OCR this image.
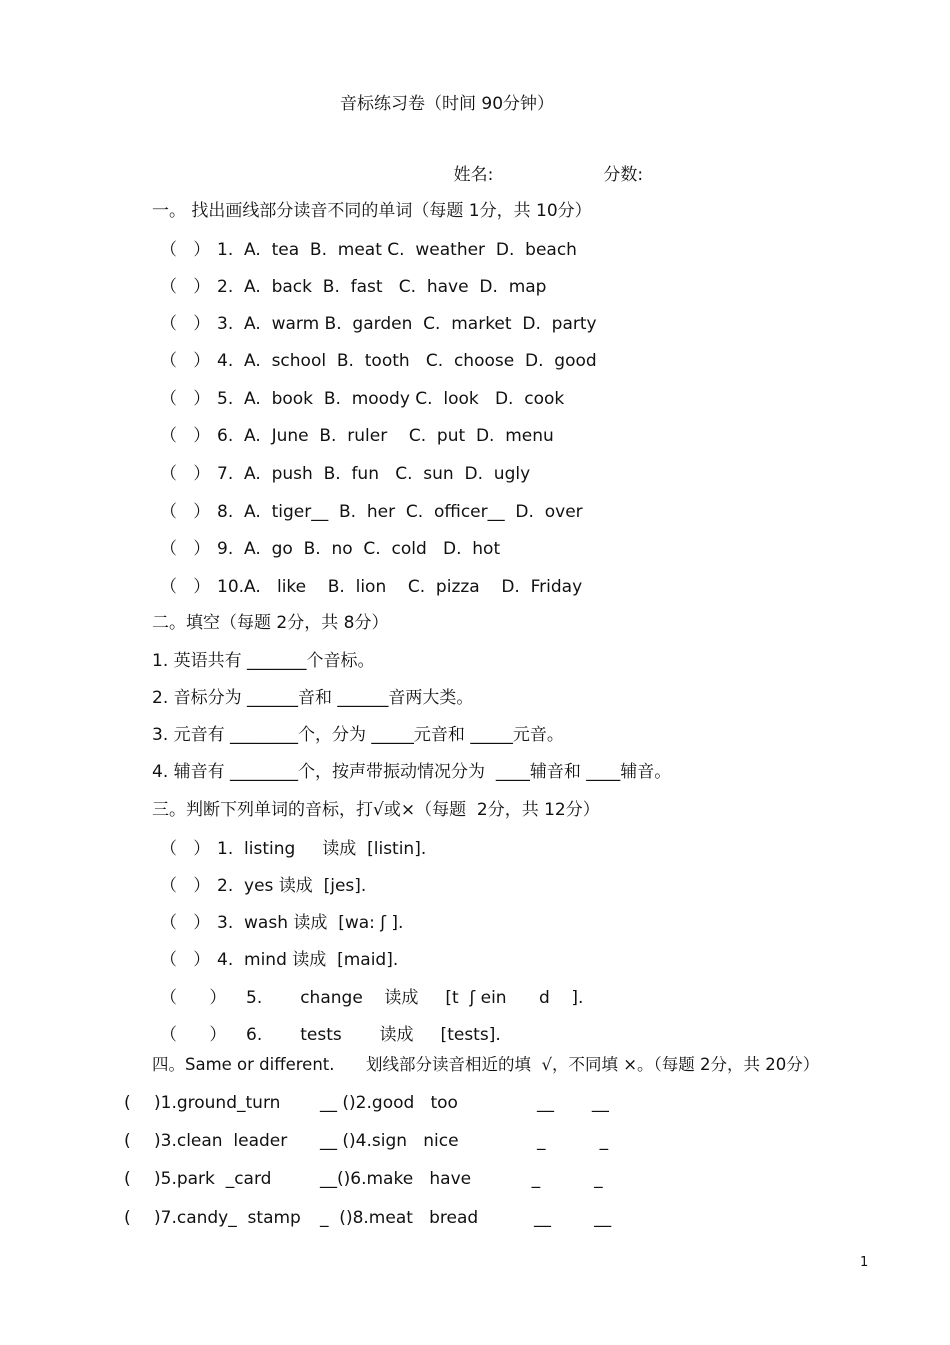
音标练习卷（时间 90分钟）

姓名:	分数:

一。 找出画线部分读音不同的单词（每题 1分，共 10分）
（   ） 1.  A.  tea  B.  meat C.  weather  D.  beach
（   ） 2.  A.  back  B.  fast   C.  have  D.  map
（   ） 3.  A.  warm B.  garden  C.  market  D.  party
（   ） 4.  A.  school  B.  tooth   C.  choose  D.  good
（   ） 5.  A.  book  B.  moody C.  look   D.  cook
（   ） 6.  A.  June  B.  ruler    C.  put  D.  menu
（   ） 7.  A.  push  B.  fun   C.  sun  D.  ugly
（   ） 8.  A.  tiger__  B.  her  C.  officer__  D.  over
（   ） 9.  A.  go  B.  no  C.  cold   D.  hot
（   ） 10.A.   like    B.  lion    C.  pizza    D.  Friday
二。填空（每题 2分，共 8分）
1. 英语共有 _______个音标。
2. 音标分为 ______音和 ______音两大类。
3. 元音有 ________个，分为 _____元音和 _____元音。
4. 辅音有 ________个，按声带振动情况分为  ____辅音和 ____辅音。
三。判断下列单词的音标，打√或×（每题  2分，共 12分）
（   ） 1.  listing     读成  [listin].
（   ） 2.  yes 读成  [jes].
（   ） 3.  wash 读成  [wa: ʃ ].
（   ） 4.  mind 读成  [maid].
（      ） 5.   change    读成     [t  ʃ ein      d    ].
（      ） 6.   tests       读成     [tests].
四。Same or different.      划线部分读音相近的填  √，不同填 ×。（每题 2分，共 20分）
( )1.ground_turn __ ()2.good   too	__       __
( )3.clean  leader __ ()4.sign   nice	_          _
( )5.park  _card	__()6.make   have	_          _
( )7.candy_  stamp _  ()8.meat   bread	__        __
1
